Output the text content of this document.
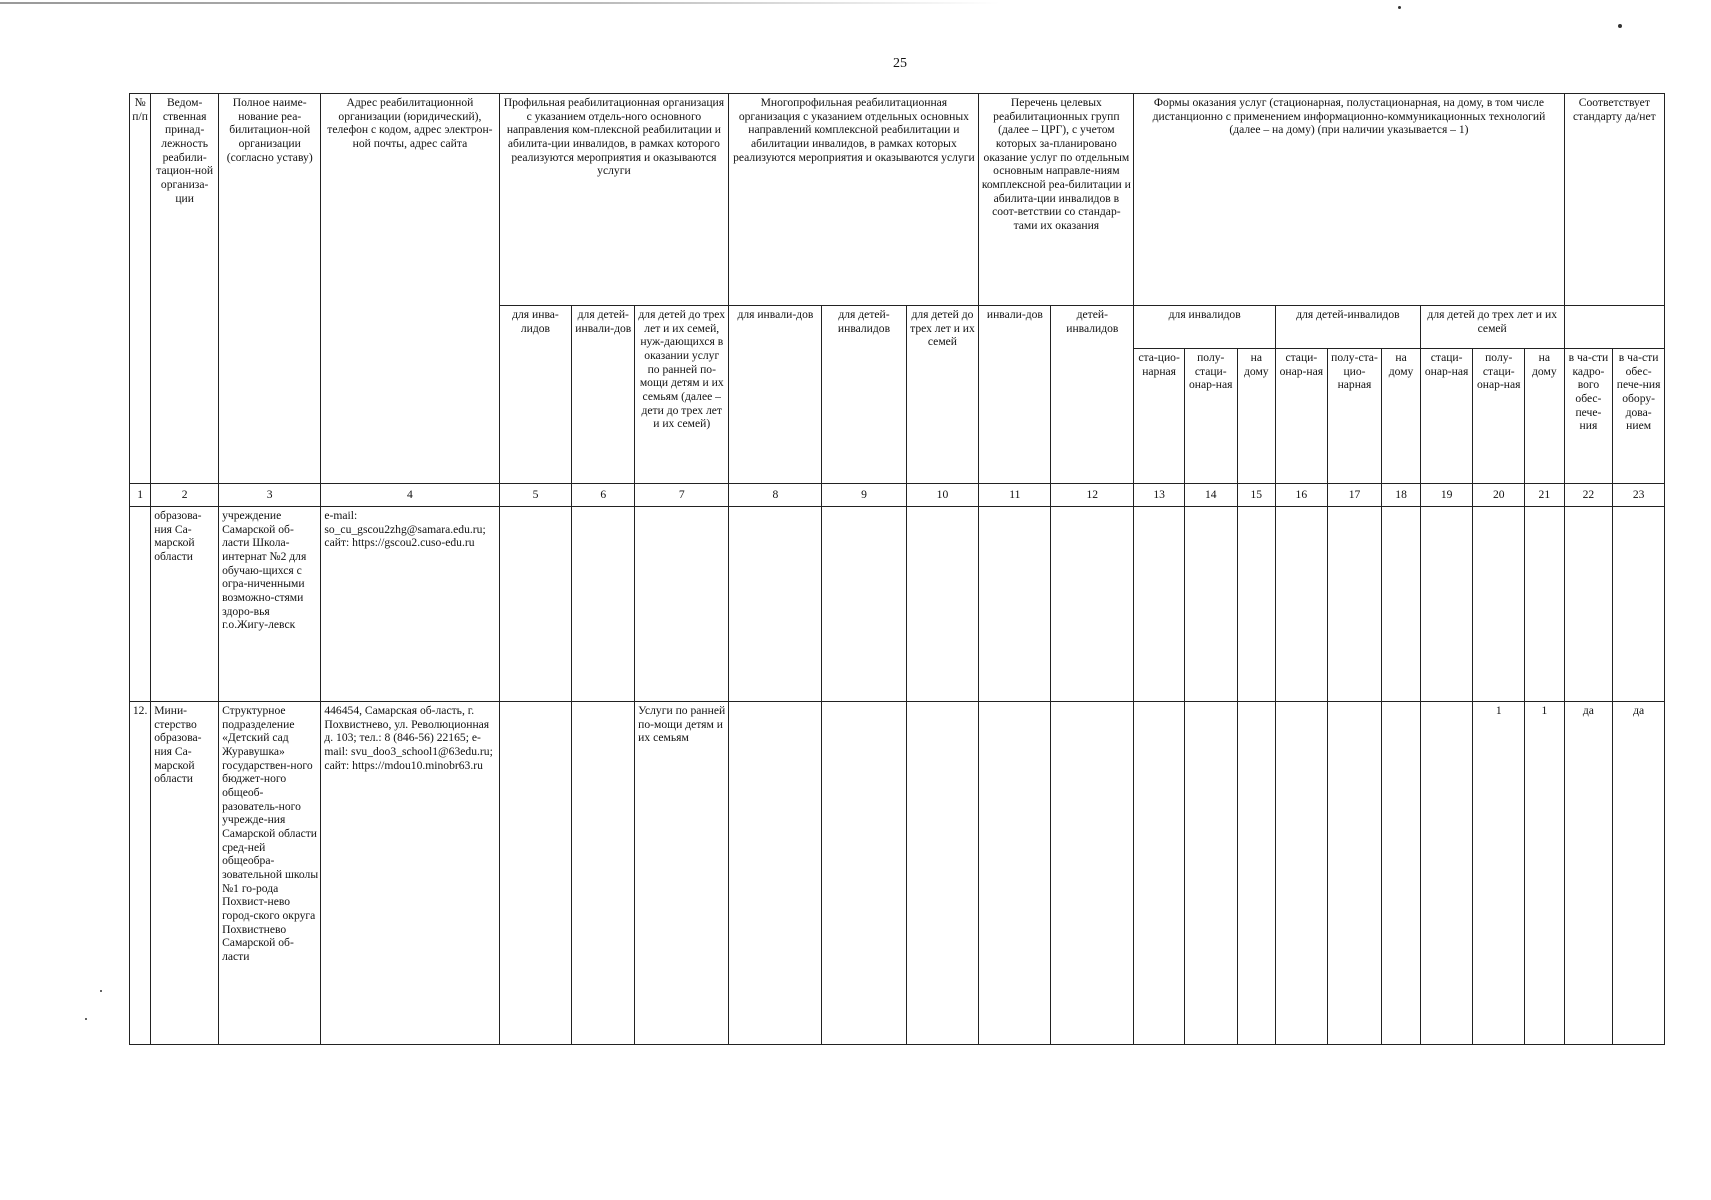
25
№ п/п	Ведом-ственная принад-лежность реабили-тацион-ной организа-ции	Полное наиме-нование реа-билитацион-ной организации (согласно уставу)	Адрес реабилитационной организации (юридический), телефон с кодом, адрес электрон-ной почты, адрес сайта	Профильная реабилитационная организация с указанием отдель-ного основного направления ком-плексной реабилитации и абилита-ции инвалидов, в рамках которого реализуются мероприятия и оказываются услуги			Многопрофильная реабилитационная организация с указанием отдельных основных направлений комплексной реабилитации и абилитации инвалидов, в рамках которых реализуются мероприятия и оказываются услуги			Перечень целевых реабилитационных групп (далее – ЦРГ), с учетом которых за-планировано оказание услуг по отдельным основным направле-ниям комплексной реа-билитации и абилита-ции инвалидов в соот-ветствии со стандар-тами их оказания		Формы оказания услуг (стационарная, полустационарная, на дому, в том числе дистанционно с применением информационно-коммуникационных технологий (далее – на дому) (при наличии указывается – 1)									Соответствует стандарту да/нет	
				для инва-лидов	для детей-инвали-дов	для детей до трех лет и их семей, нуж-дающихся в оказании услуг по ранней по-мощи детям и их семьям (далее – дети до трех лет и их семей)	для инвали-дов	для детей-инвалидов	для детей до трех лет и их семей	инвали-дов	детей-инвалидов	для инвалидов			для детей-инвалидов			для детей до трех лет и их семей				
												ста-цио-нарная	полу-стаци-онар-ная	на дому	стаци-онар-ная	полу-ста-цио-нарная	на дому	стаци-онар-ная	полу-стаци-онар-ная	на дому	в ча-сти кадро-вого обес-пече-ния	в ча-сти обес-пече-ния обору-дова-нием
1	2	3	4	5	6	7	8	9	10	11	12	13	14	15	16	17	18	19	20	21	22	23
	образова-ния Са-марской области	учреждение Самарской об-ласти Школа-интернат №2 для обучаю-щихся с огра-ниченными возможно-стями здоро-вья г.о.Жигу-левск	e-mail: so_cu_gscou2zhg@samara.edu.ru; сайт: https://gscou2.cuso-edu.ru																			
12.	Мини-стерство образова-ния Са-марской области	Структурное подразделение «Детский сад Журавушка» государствен-ного бюджет-ного общеоб-разователь-ного учрежде-ния Самарской области сред-ней общеобра-зовательной школы №1 го-рода Похвист-нево город-ского округа Похвистнево Самарской об-ласти	446454, Самарская об-ласть, г. Похвистнево, ул. Революционная д. 103; тел.: 8 (846-56) 22165; e-mail: svu_doo3_school1@63edu.ru; сайт: https://mdou10.minobr63.ru			Услуги по ранней по-мощи детям и их семьям													1	1	да	да
